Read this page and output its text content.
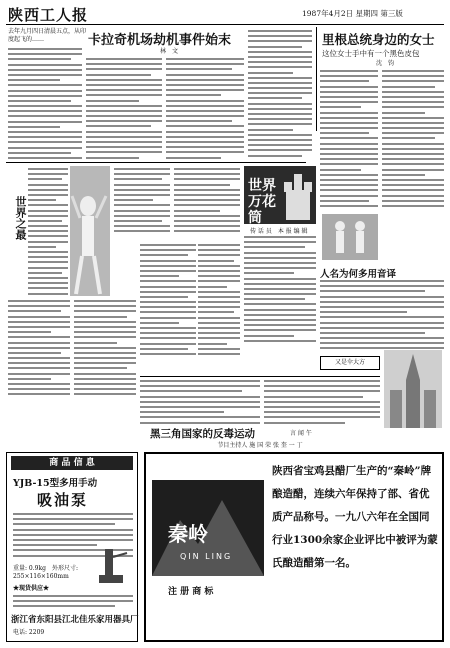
陕西工人报	1987年4月2日 星期四 第三版
去年九月四日清晨五点，从印度起飞的……	卡拉奇机场劫机事件始末
林　文
里根总统身边的女士
这位女士手中有一个黑色皮包
沈　钧
世界之最
世界万花筒
传 话 员　本 报 编 辑
人名为何多用音译
又是伞大方
黑三角国家的反毒运动	言 闻 午
节目主持人 施 国 荣 张 奎 一 丁
商 品 信 息
YJB-15型多用手动
吸油泵
重量: 0.9kg　外形尺寸: 255×116×160mm
★现货供应★
浙江省东阳县江北佳乐家用器具厂
电话: 2209
秦岭
QIN LING
注 册 商 标
陕西省宝鸡县醋厂生产的“秦岭”牌酿造醋，连续六年保持了部、省优质产品称号。一九八六年在全国同行业1300余家企业评比中被评为蒙氏酿造醋第一名。
